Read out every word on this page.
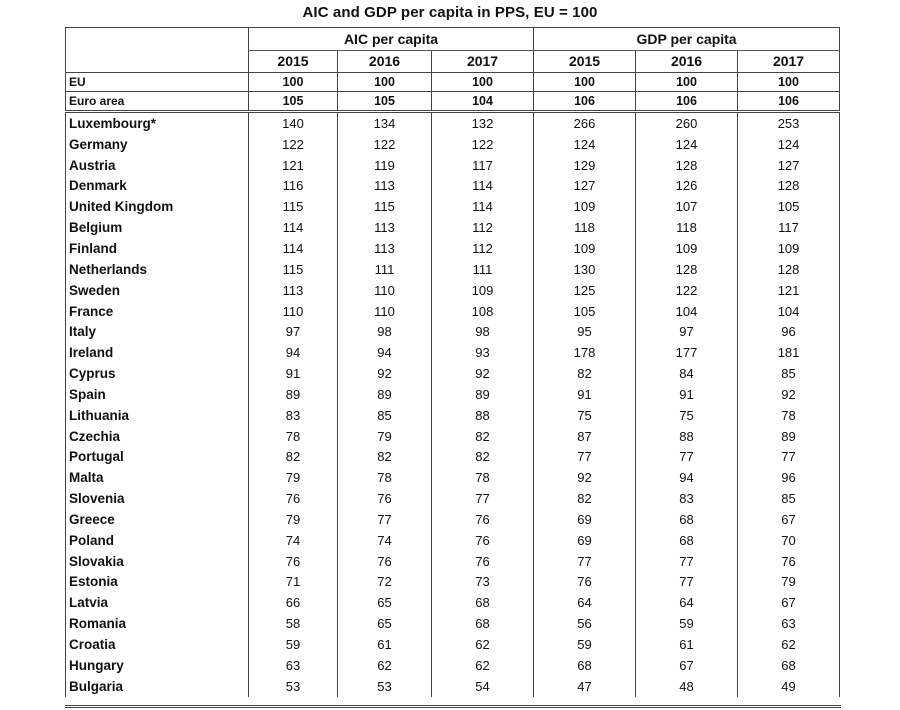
AIC and GDP per capita in PPS, EU = 100
	AIC per capita			GDP per capita		
	2015	2016	2017	2015	2016	2017
EU	100	100	100	100	100	100
Euro area	105	105	104	106	106	106
Luxembourg*	140	134	132	266	260	253
Germany	122	122	122	124	124	124
Austria	121	119	117	129	128	127
Denmark	116	113	114	127	126	128
United Kingdom	115	115	114	109	107	105
Belgium	114	113	112	118	118	117
Finland	114	113	112	109	109	109
Netherlands	115	111	111	130	128	128
Sweden	113	110	109	125	122	121
France	110	110	108	105	104	104
Italy	97	98	98	95	97	96
Ireland	94	94	93	178	177	181
Cyprus	91	92	92	82	84	85
Spain	89	89	89	91	91	92
Lithuania	83	85	88	75	75	78
Czechia	78	79	82	87	88	89
Portugal	82	82	82	77	77	77
Malta	79	78	78	92	94	96
Slovenia	76	76	77	82	83	85
Greece	79	77	76	69	68	67
Poland	74	74	76	69	68	70
Slovakia	76	76	76	77	77	76
Estonia	71	72	73	76	77	79
Latvia	66	65	68	64	64	67
Romania	58	65	68	56	59	63
Croatia	59	61	62	59	61	62
Hungary	63	62	62	68	67	68
Bulgaria	53	53	54	47	48	49
